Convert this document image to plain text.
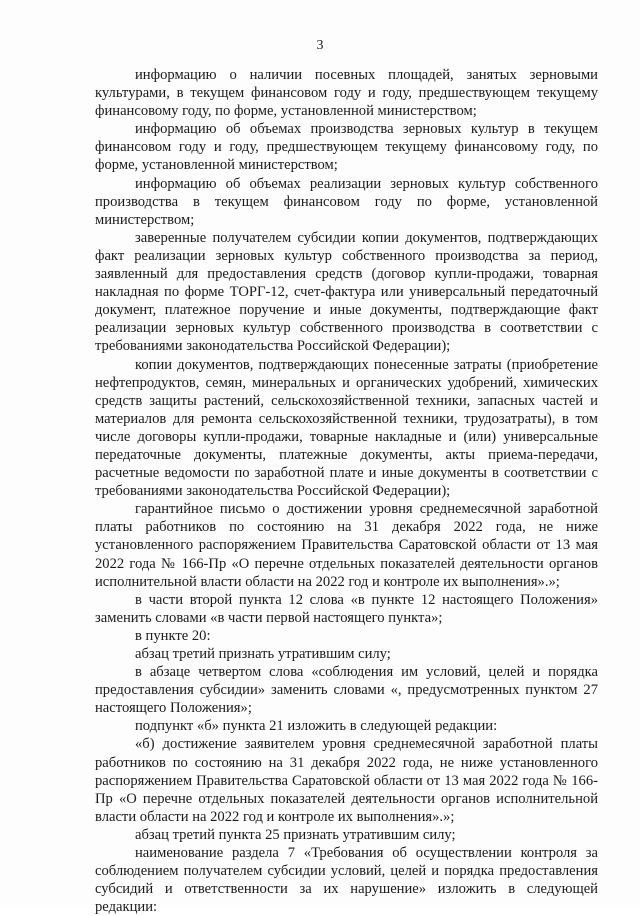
3

информацию о наличии посевных площадей, занятых зерновыми культурами, в текущем финансовом году и году, предшествующем текущему финансовому году, по форме, установленной министерством;

информацию об объемах производства зерновых культур в текущем финансовом году и году, предшествующем текущему финансовому году, по форме, установленной министерством;

информацию об объемах реализации зерновых культур собственного производства в текущем финансовом году по форме, установленной министерством;

заверенные получателем субсидии копии документов, подтверждающих факт реализации зерновых культур собственного производства за период, заявленный для предоставления средств (договор купли-продажи, товарная накладная по форме ТОРГ-12, счет-фактура или универсальный передаточный документ, платежное поручение и иные документы, подтверждающие факт реализации зерновых культур собственного производства в соответствии с требованиями законодательства Российской Федерации);

копии документов, подтверждающих понесенные затраты (приобретение нефтепродуктов, семян, минеральных и органических удобрений, химических средств защиты растений, сельскохозяйственной техники, запасных частей и материалов для ремонта сельскохозяйственной техники, трудозатраты), в том числе договоры купли-продажи, товарные накладные и (или) универсальные передаточные документы, платежные документы, акты приема-передачи, расчетные ведомости по заработной плате и иные документы в соответствии с требованиями законодательства Российской Федерации);

гарантийное письмо о достижении уровня среднемесячной заработной платы работников по состоянию на 31 декабря 2022 года, не ниже установленного распоряжением Правительства Саратовской области от 13 мая 2022 года № 166-Пр «О перечне отдельных показателей деятельности органов исполнительной власти области на 2022 год и контроле их выполнения».»;

в части второй пункта 12 слова «в пункте 12 настоящего Положения» заменить словами «в части первой настоящего пункта»;

в пункте 20:

абзац третий признать утратившим силу;

в абзаце четвертом слова «соблюдения им условий, целей и порядка предоставления субсидии» заменить словами «, предусмотренных пунктом 27 настоящего Положения»;

подпункт «б» пункта 21 изложить в следующей редакции:

«б) достижение заявителем уровня среднемесячной заработной платы работников по состоянию на 31 декабря 2022 года, не ниже установленного распоряжением Правительства Саратовской области от 13 мая 2022 года № 166-Пр «О перечне отдельных показателей деятельности органов исполнительной власти области на 2022 год и контроле их выполнения».»;

абзац третий пункта 25 признать утратившим силу;

наименование раздела 7 «Требования об осуществлении контроля за соблюдением получателем субсидии условий, целей и порядка предоставления субсидий и ответственности за их нарушение» изложить в следующей редакции:
